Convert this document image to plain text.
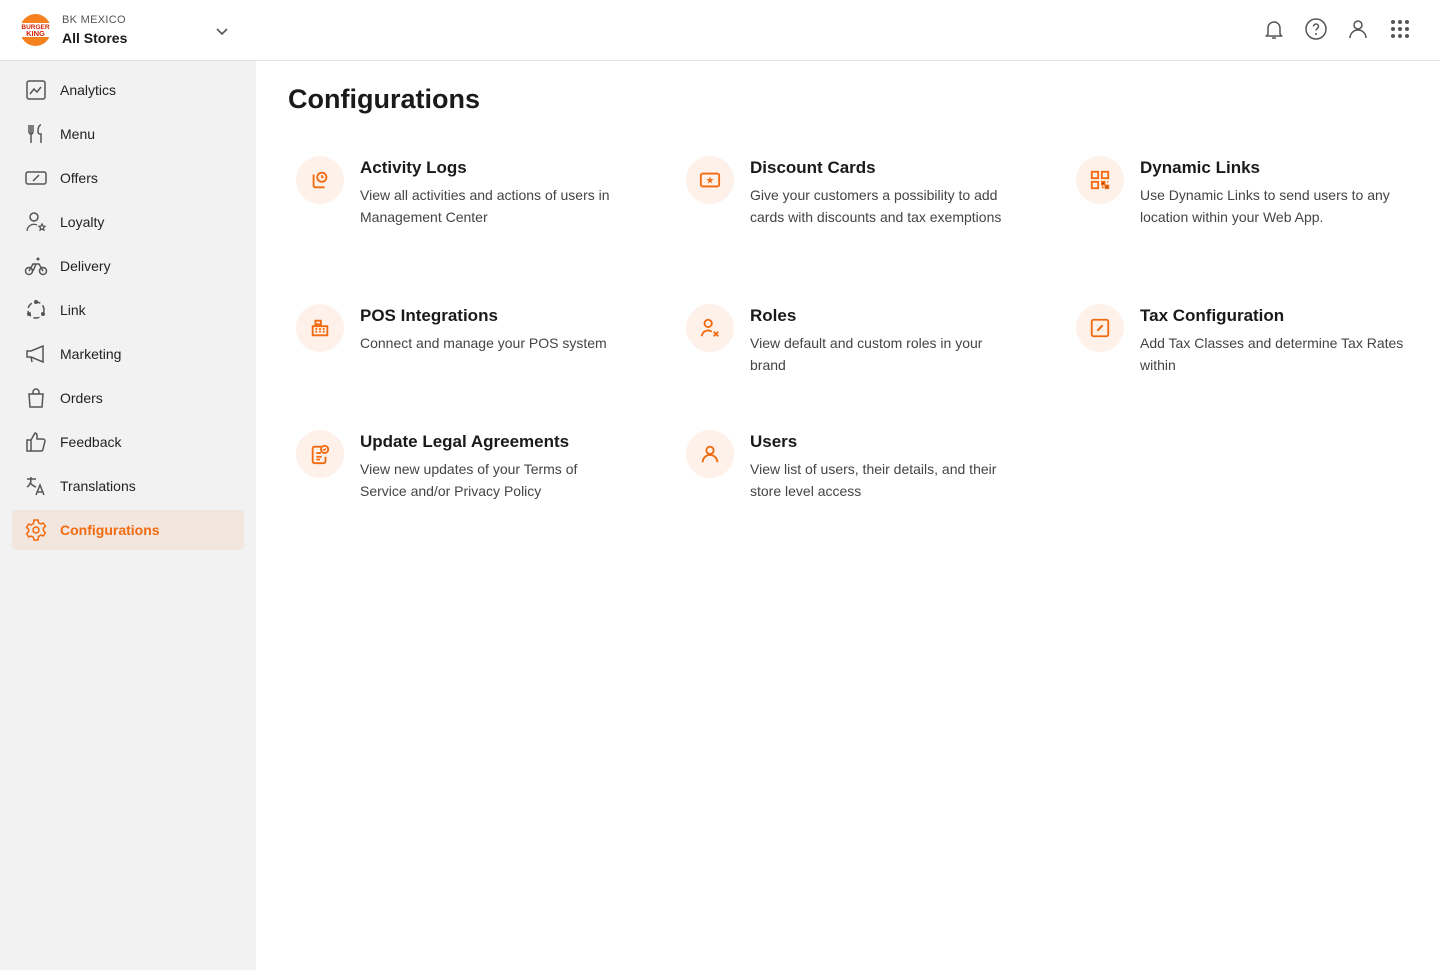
BURGER
KING
BK MEXICO
All Stores
Analytics
Menu
Offers
Loyalty
Delivery
Link
Marketing
Orders
Feedback
Translations
Configurations
Configurations
Activity Logs
View all activities and actions of users in Management Center
Discount Cards
Give your customers a possibility to add cards with discounts and tax exemptions
Dynamic Links
Use Dynamic Links to send users to any location within your Web App.
POS Integrations
Connect and manage your POS system
Roles
View default and custom roles in your brand
Tax Configuration
Add Tax Classes and determine Tax Rates within
Update Legal Agreements
View new updates of your Terms of Service and/or Privacy Policy
Users
View list of users, their details, and their store level access
